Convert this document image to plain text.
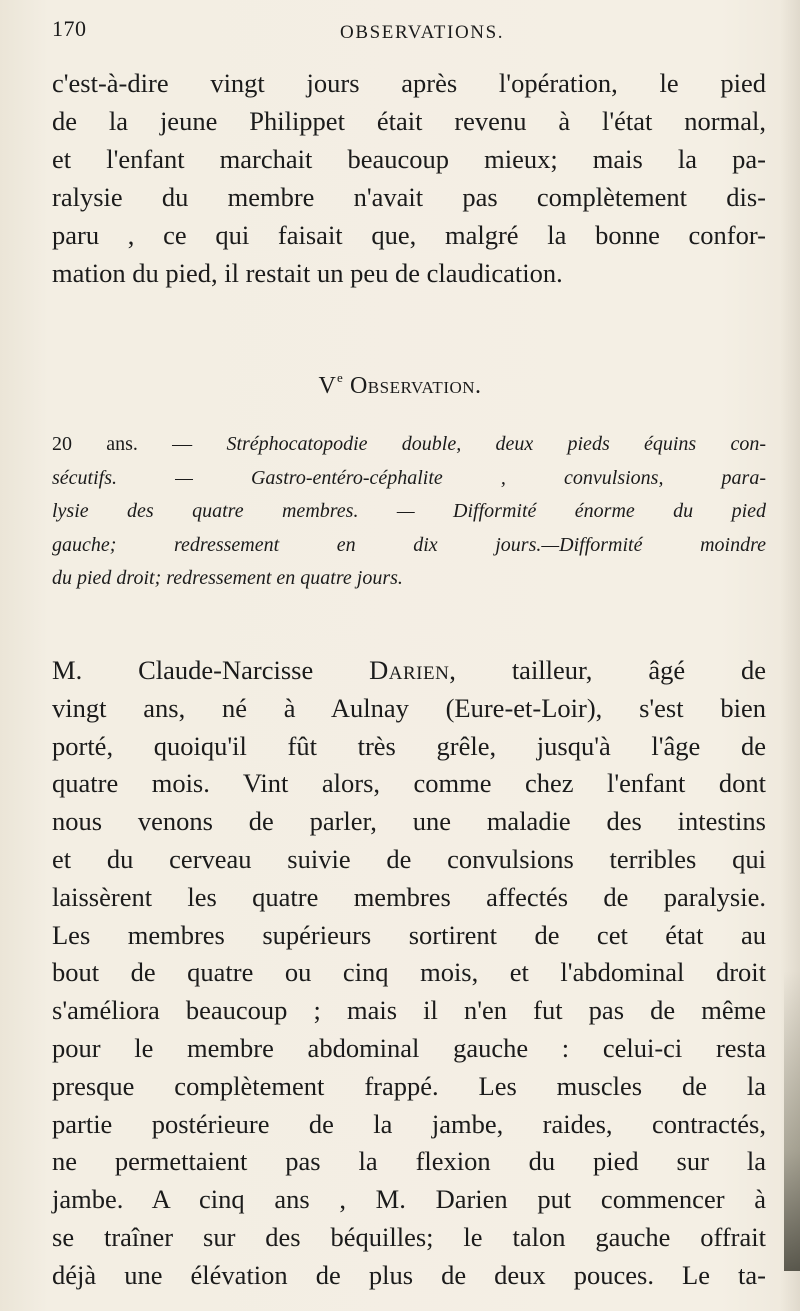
170	OBSERVATIONS.
c'est-à-dire vingt jours après l'opération, le pied
de la jeune Philippet était revenu à l'état normal,
et l'enfant marchait beaucoup mieux; mais la pa-
ralysie du membre n'avait pas complètement dis-
paru , ce qui faisait que, malgré la bonne confor-
mation du pied, il restait un peu de claudication.
Ve Observation.
20 ans. — Stréphocatopodie double, deux pieds équins con-
sécutifs. — Gastro-entéro-céphalite , convulsions, para-
lysie des quatre membres. — Difformité énorme du pied
gauche; redressement en dix jours.—Difformité moindre
du pied droit; redressement en quatre jours.
M. Claude-Narcisse Darien, tailleur, âgé de
vingt ans, né à Aulnay (Eure-et-Loir), s'est bien
porté, quoiqu'il fût très grêle, jusqu'à l'âge de
quatre mois. Vint alors, comme chez l'enfant dont
nous venons de parler, une maladie des intestins
et du cerveau suivie de convulsions terribles qui
laissèrent les quatre membres affectés de paralysie.
Les membres supérieurs sortirent de cet état au
bout de quatre ou cinq mois, et l'abdominal droit
s'améliora beaucoup ; mais il n'en fut pas de même
pour le membre abdominal gauche : celui-ci resta
presque complètement frappé. Les muscles de la
partie postérieure de la jambe, raides, contractés,
ne permettaient pas la flexion du pied sur la
jambe. A cinq ans , M. Darien put commencer à
se traîner sur des béquilles; le talon gauche offrait
déjà une élévation de plus de deux pouces. Le ta-
